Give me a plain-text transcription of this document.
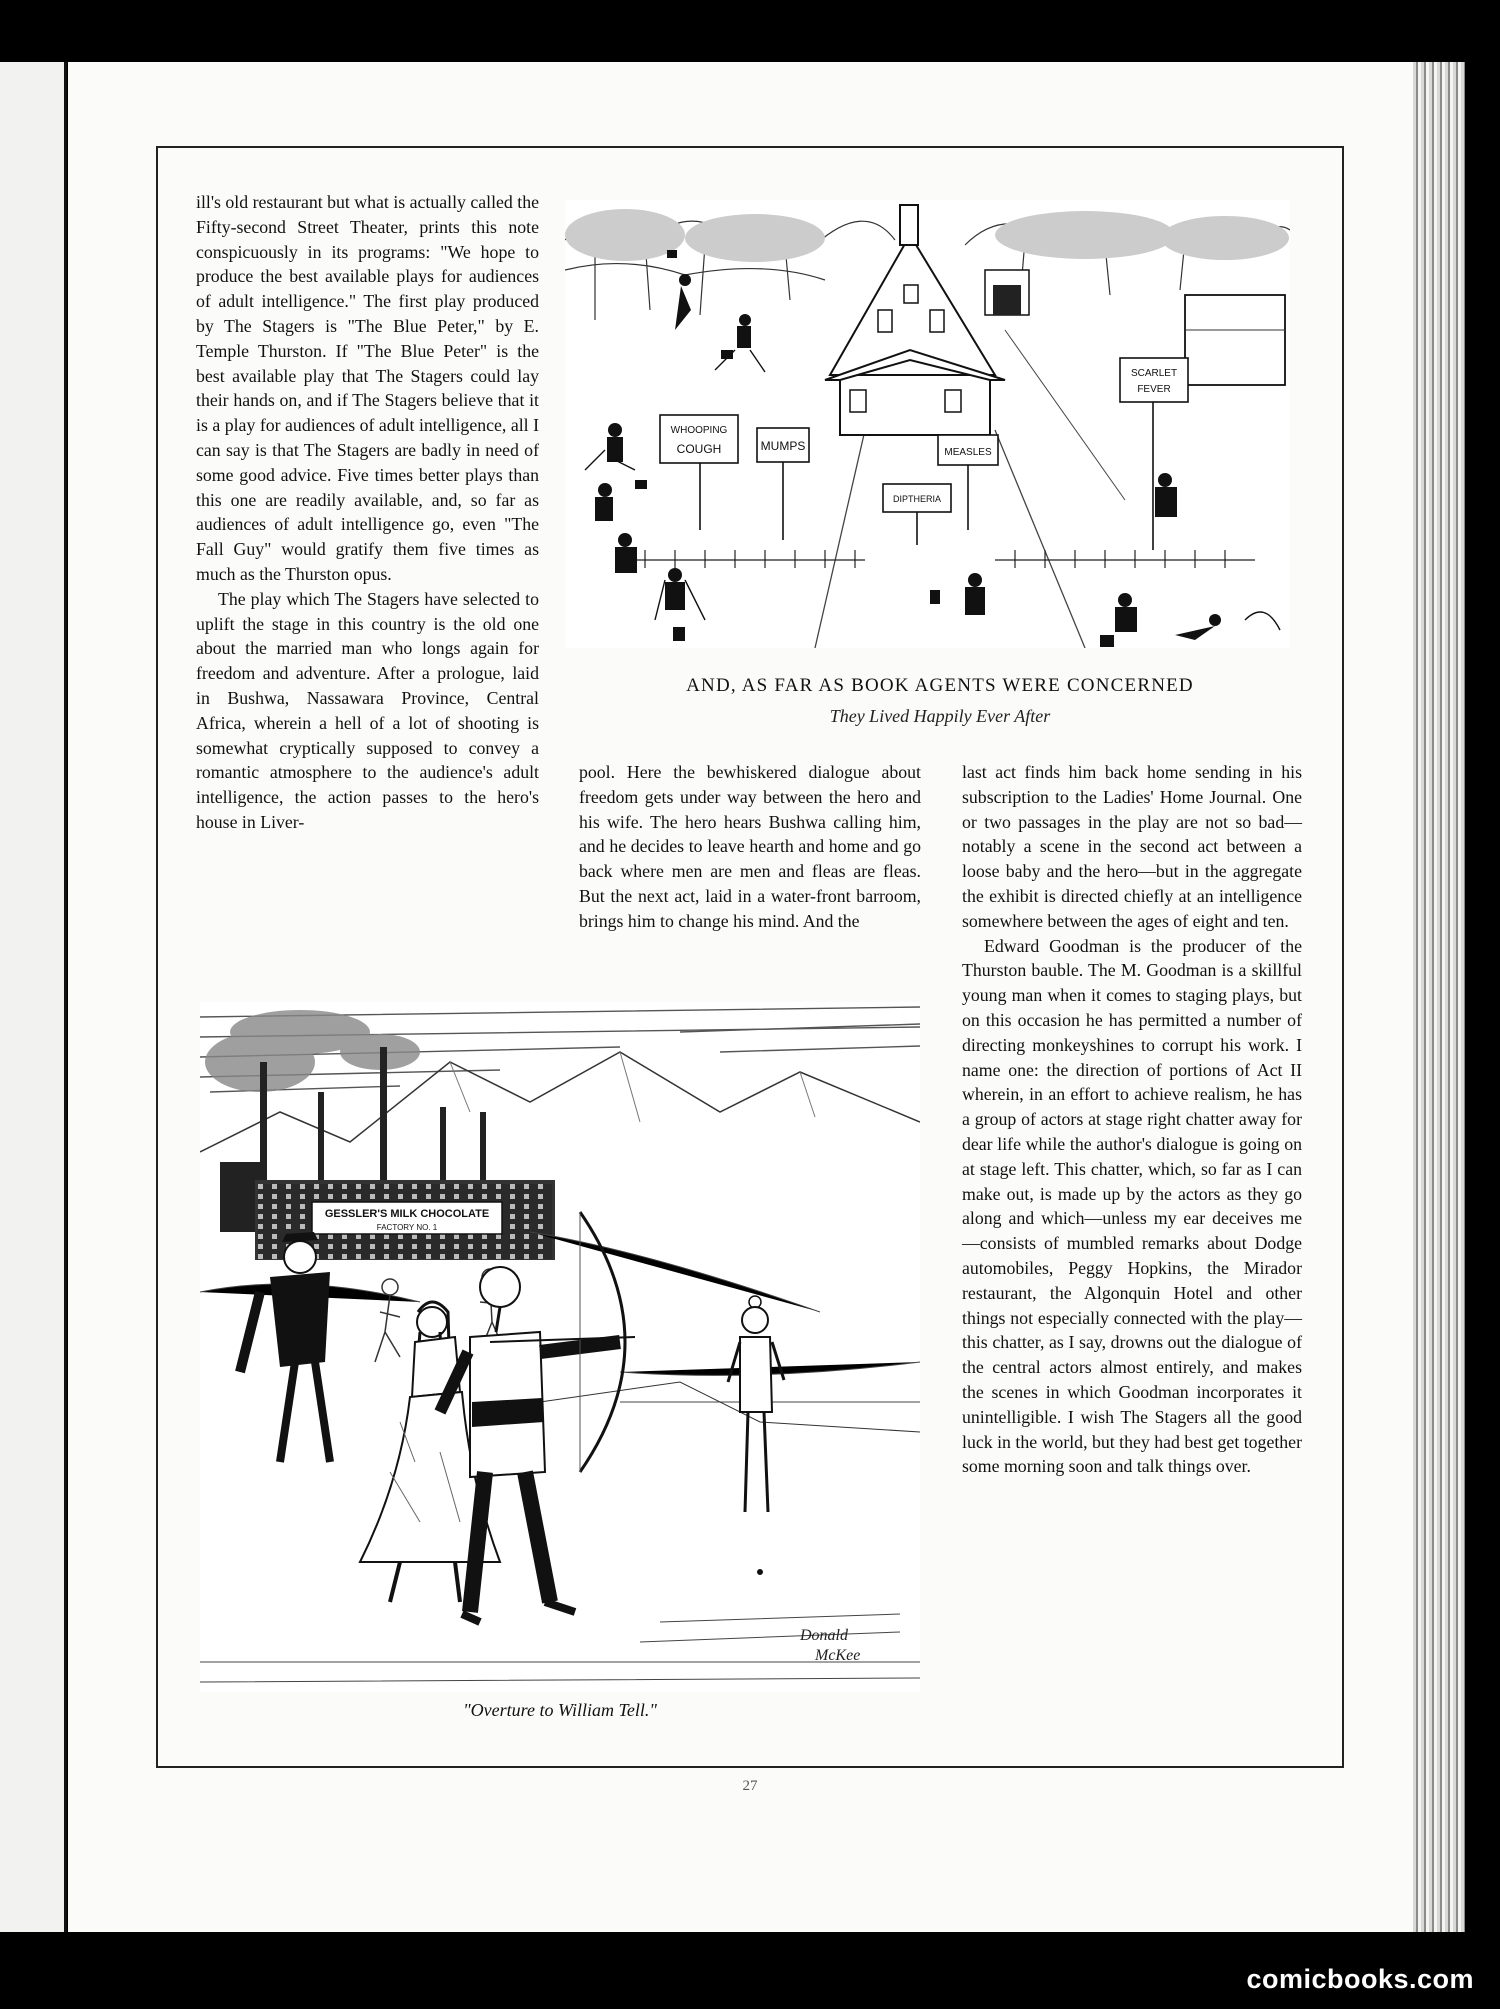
ill's old restaurant but what is actually called the Fifty-second Street Theater, prints this note conspicuously in its programs: "We hope to produce the best available plays for audiences of adult intelligence." The first play produced by The Stagers is "The Blue Peter," by E. Temple Thurston. If "The Blue Peter" is the best available play that The Stagers could lay their hands on, and if The Stagers believe that it is a play for audiences of adult intelligence, all I can say is that The Stagers are badly in need of some good advice. Five times better plays than this one are readily available, and, so far as audiences of adult intelligence go, even "The Fall Guy" would gratify them five times as much as the Thurston opus.

The play which The Stagers have selected to uplift the stage in this country is the old one about the married man who longs again for freedom and adventure. After a prologue, laid in Bushwa, Nassawara Province, Central Africa, wherein a hell of a lot of shooting is somewhat cryptically supposed to convey a romantic atmosphere to the audience's adult intelligence, the action passes to the hero's house in Liver-

pool. Here the bewhiskered dialogue about freedom gets under way between the hero and his wife. The hero hears Bushwa calling him, and he decides to leave hearth and home and go back where men are men and fleas are fleas. But the next act, laid in a water-front barroom, brings him to change his mind. And the

last act finds him back home sending in his subscription to the Ladies' Home Journal. One or two passages in the play are not so bad—notably a scene in the second act between a loose baby and the hero—but in the aggregate the exhibit is directed chiefly at an intelligence somewhere between the ages of eight and ten.

Edward Goodman is the producer of the Thurston bauble. The M. Goodman is a skillful young man when it comes to staging plays, but on this occasion he has permitted a number of directing monkeyshines to corrupt his work. I name one: the direction of portions of Act II wherein, in an effort to achieve realism, he has a group of actors at stage right chatter away for dear life while the author's dialogue is going on at stage left. This chatter, which, so far as I can make out, is made up by the actors as they go along and which—unless my ear deceives me—consists of mumbled remarks about Dodge automobiles, Peggy Hopkins, the Mirador restaurant, the Algonquin Hotel and other things not especially connected with the play—this chatter, as I say, drowns out the dialogue of the central actors almost entirely, and makes the scenes in which Goodman incorporates it unintelligible. I wish The Stagers all the good luck in the world, but they had best get together some morning soon and talk things over.

WHOOPING
COUGH	MUMPS	MEASLES
DIPTHERIA
SCARLET
FEVER

AND, AS FAR AS BOOK AGENTS WERE CONCERNED
They Lived Happily Ever After
GESSLER'S MILK CHOCOLATE
FACTORY NO. 1
Donald
McKee
"Overture to William Tell."
27
comicbooks.com
